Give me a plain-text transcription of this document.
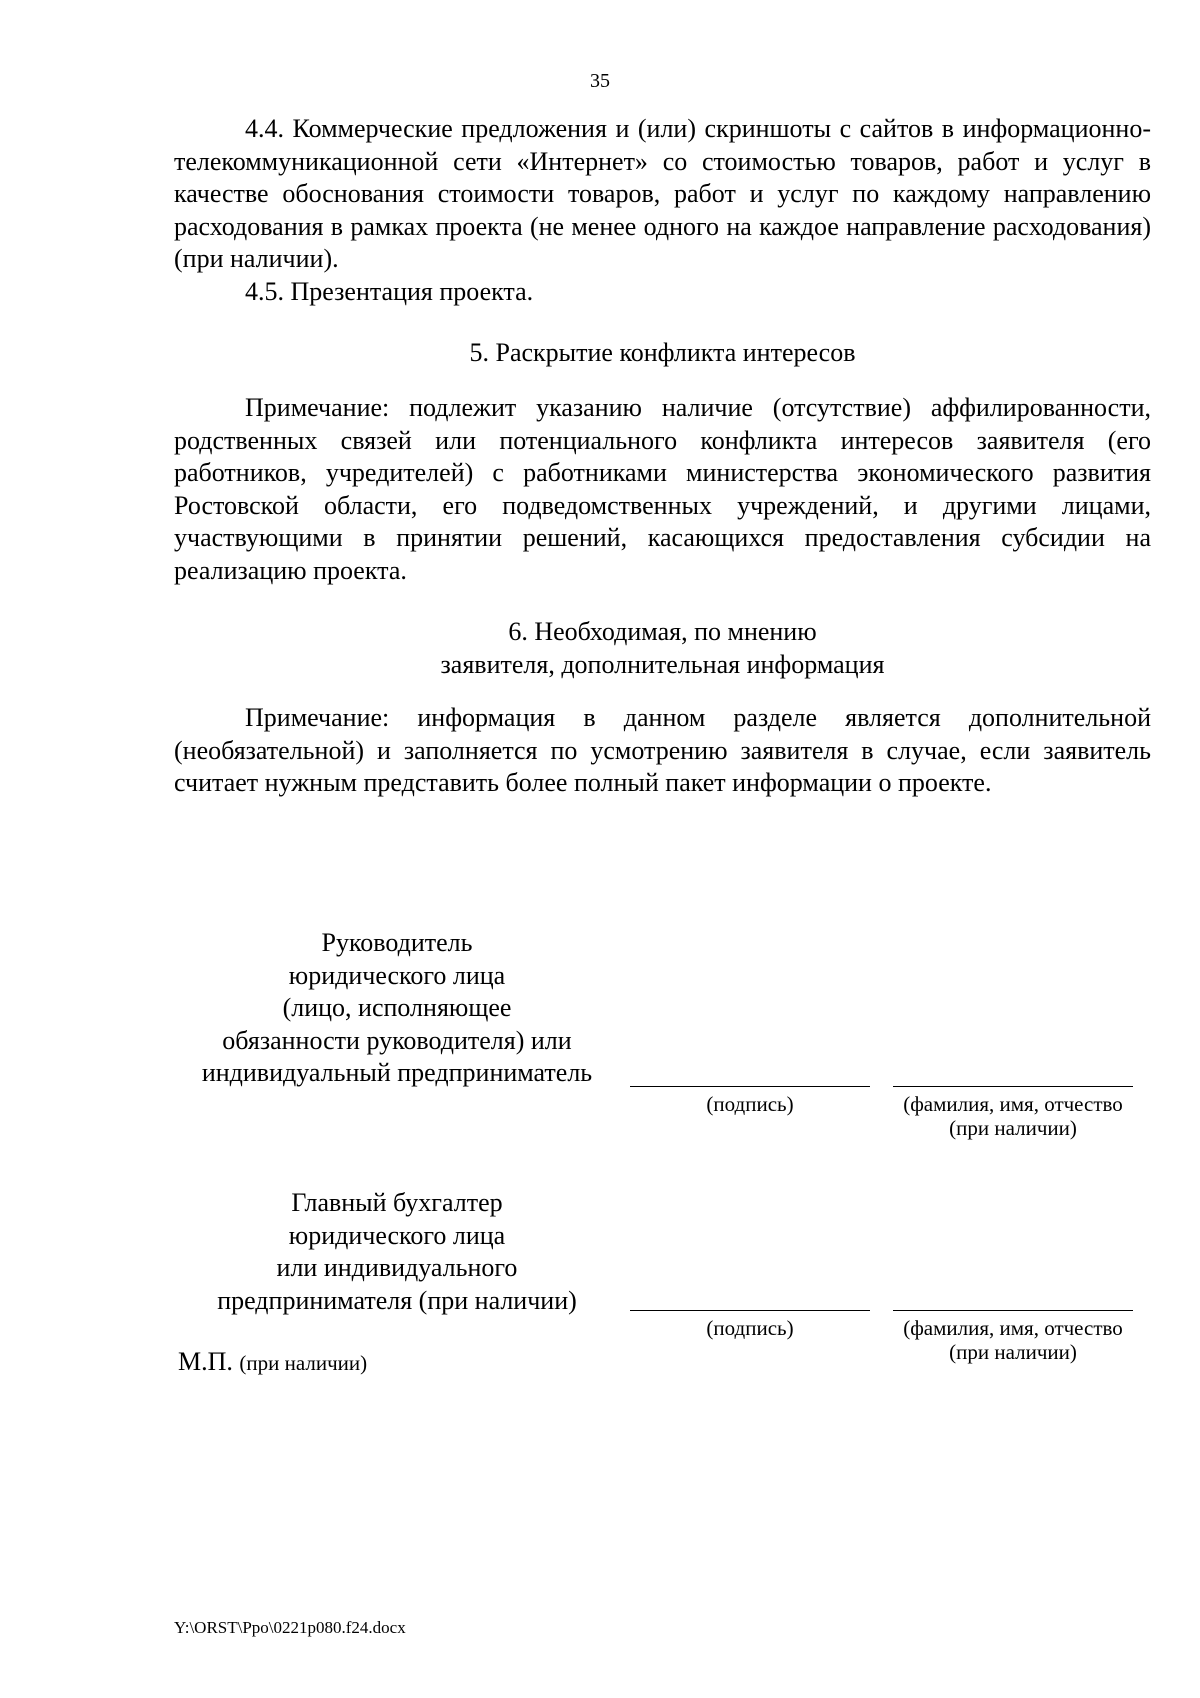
35

4.4. Коммерческие предложения и (или) скриншоты с сайтов в информационно-телекоммуникационной сети «Интернет» со стоимостью товаров, работ и услуг в качестве обоснования стоимости товаров, работ и услуг по каждому направлению расходования в рамках проекта (не менее одного на каждое направление расходования) (при наличии).

4.5. Презентация проекта.

5. Раскрытие конфликта интересов

Примечание: подлежит указанию наличие (отсутствие) аффилированности, родственных связей или потенциального конфликта интересов заявителя (его работников, учредителей) с работниками министерства экономического развития Ростовской области, его подведомственных учреждений, и другими лицами, участвующими в принятии решений, касающихся предоставления субсидии на реализацию проекта.

6. Необходимая, по мнению

заявителя, дополнительная информация

Примечание: информация в данном разделе является дополнительной (необязательной) и заполняется по усмотрению заявителя в случае, если заявитель считает нужным представить более полный пакет информации о проекте.

Руководитель
юридического лица
(лицо, исполняющее
обязанности руководителя) или
индивидуальный предприниматель
(подпись)	(фамилия, имя, отчество
(при наличии)
Главный бухгалтер
юридического лица
или индивидуального
предпринимателя (при наличии)
(подпись)	(фамилия, имя, отчество
(при наличии)
М.П. (при наличии)
Y:\ORST\Ppo\0221p080.f24.docx
